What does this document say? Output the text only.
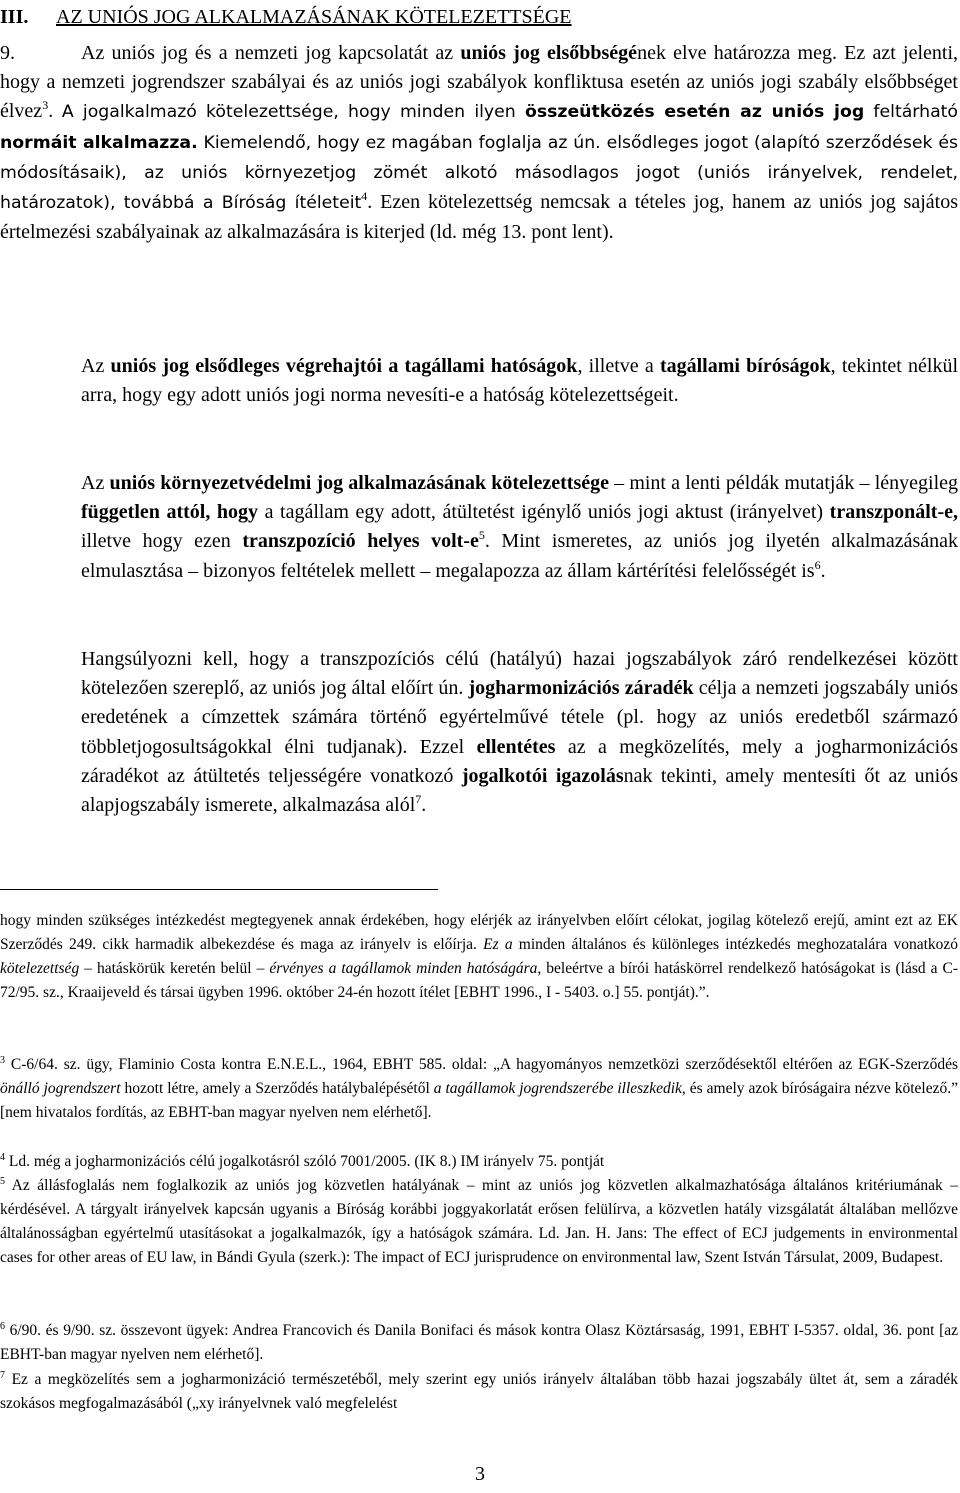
III. AZ UNIÓS JOG ALKALMAZÁSÁNAK KÖTELEZETTSÉGE
9.	Az uniós jog és a nemzeti jog kapcsolatát az uniós jog elsőbbségének elve határozza meg. Ez azt jelenti, hogy a nemzeti jogrendszer szabályai és az uniós jogi szabályok konfliktusa esetén az uniós jogi szabály elsőbbséget élvez$^3$. A jogalkalmazó kötelezettsége, hogy minden ilyen összeütközés esetén az uniós jog feltárható normáit alkalmazza. Kiemelendő, hogy ez magában foglalja az ún. elsődleges jogot (alapító szerződések és módosításaik), az uniós környezetjog zömét alkotó másodlagos jogot (uniós irányelvek, rendelet, határozatok), továbbá a Bíróság ítéleteit$^4$. Ezen kötelezettség nemcsak a tételes jog, hanem az uniós jog sajátos értelmezési szabályainak az alkalmazására is kiterjed (ld. még 13. pont lent).
Az uniós jog elsődleges végrehajtói a tagállami hatóságok, illetve a tagállami bíróságok, tekintet nélkül arra, hogy egy adott uniós jogi norma nevesíti-e a hatóság kötelezettségeit.
Az uniós környezetvédelmi jog alkalmazásának kötelezettsége – mint a lenti példák mutatják – lényegileg független attól, hogy a tagállam egy adott, átültetést igénylő uniós jogi aktust (irányelvet) transzponált-e, illetve hogy ezen transzpozíció helyes volt-$e^5$. Mint ismeretes, az uniós jog ilyetén alkalmazásának elmulasztása – bizonyos feltételek mellett – megalapozza az állam kártérítési felelősségét $is^6$.
Hangsúlyozni kell, hogy a transzpozíciós célú (hatályú) hazai jogszabályok záró rendelkezései között kötelezően szereplő, az uniós jog által előírt ún. jogharmonizációs záradék célja a nemzeti jogszabály uniós eredetének a címzettek számára történő egyértelművé tétele (pl. hogy az uniós eredetből származó többletjogosultságokkal élni tudjanak). Ezzel ellentétes az a megközelítés, mely a jogharmonizációs záradékot az átültetés teljességére vonatkozó jogalkotói igazolásnak tekinti, amely mentesíti őt az uniós alapjogszabály ismerete, alkalmazása alól$^7$.
hogy minden szükséges intézkedést megtegyenek annak érdekében, hogy elérjék az irányelvben előírt célokat, jogilag kötelező erejű, amint ezt az EK Szerződés 249. cikk harmadik albekezdése és maga az irányelv is előírja. Ez a minden általános és különleges intézkedés meghozatalára vonatkozó kötelezettség – hatáskörük keretén belül – érvényes a tagállamok minden hatóságára, beleértve a bírói hatáskörrel rendelkező hatóságokat is (lásd a C-72/95. sz., Kraaijeveld és társai ügyben 1996. október 24-én hozott ítélet [EBHT 1996., I - 5403. o.] 55. pontját).”.
$^3$ C-6/64. sz. ügy, Flaminio Costa kontra E.N.E.L., 1964, EBHT 585. oldal: „A hagyományos nemzetközi szerződésektől eltérően az EGK-Szerződés önálló jogrendszert hozott létre, amely a Szerződés hatálybalépésétől a tagállamok jogrendszerébe illeszkedik, és amely azok bíróságaira nézve kötelező.” [nem hivatalos fordítás, az EBHT-ban magyar nyelven nem elérhető].
$^4$ Ld. még a jogharmonizációs célú jogalkotásról szóló 7001/2005. (IK 8.) IM irányelv 75. pontját
$^5$ Az állásfoglalás nem foglalkozik az uniós jog közvetlen hatályának – mint az uniós jog közvetlen alkalmazhatósága általános kritériumának – kérdésével. A tárgyalt irányelvek kapcsán ugyanis a Bíróság korábbi joggyakorlatát erősen felülírva, a közvetlen hatály vizsgálatát általában mellőzve általánosságban egyértelmű utasításokat a jogalkalmazók, így a hatóságok számára. Ld. Jan. H. Jans: The effect of ECJ judgements in environmental cases for other areas of EU law, in Bándi Gyula (szerk.): The impact of ECJ jurisprudence on environmental law, Szent István Társulat, 2009, Budapest.
$^6$ 6/90. és 9/90. sz. összevont ügyek: Andrea Francovich és Danila Bonifaci és mások kontra Olasz Köztársaság, 1991, EBHT I-5357. oldal, 36. pont [az EBHT-ban magyar nyelven nem elérhető].
$^7$ Ez a megközelítés sem a jogharmonizáció természetéből, mely szerint egy uniós irányelv általában több hazai jogszabály ültet át, sem a záradék szokásos megfogalmazásából („xy irányelvnek való megfelelést
3
